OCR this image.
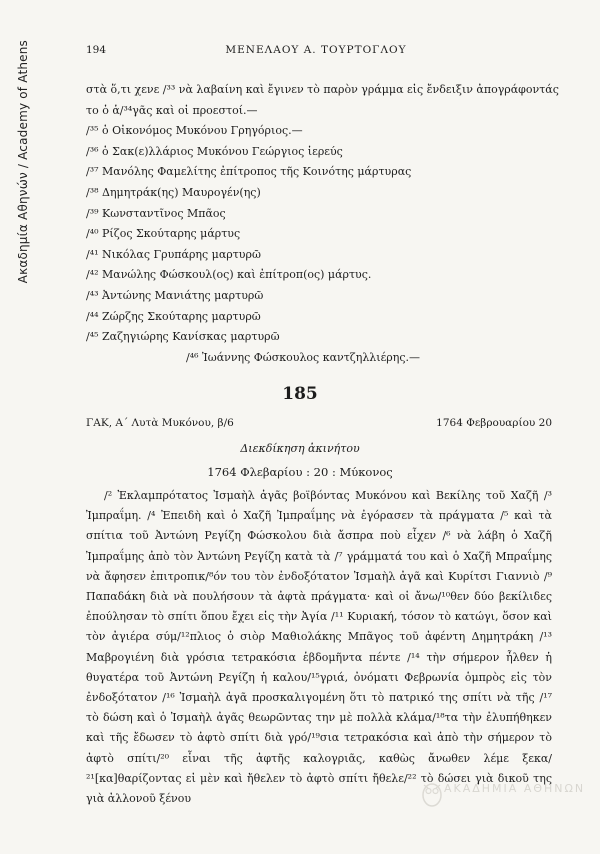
Ακαδημία Αθηνών / Academy of Athens	194	ΜΕΝΕΛΑΟΥ Α. ΤΟΥΡΤΟΓΛΟΥ
στὰ ὅ,τι χενε /³³ νὰ λαβαίνη καὶ ἔγινεν τὸ παρὸν γράμμα εἰς ἔνδειξιν ἀπογράφοντάς
το ὁ ἁ/³⁴γᾶς καὶ οἱ προεστοί.—
/³⁵ ὁ Οἰκονόμος Μυκόνου Γρηγόριος.—
/³⁶ ὁ Σακ(ε)λλάριος Μυκόνου Γεώργιος ἱερεύς
/³⁷ Μανόλης Φαμελίτης ἐπίτροπος τῆς Κοινότης μάρτυρας
/³⁸ Δημητράκ(ης) Μαυρογέν(ης)
/³⁹ Κωνσταντῖνος Μπᾶος
/⁴⁰ Ρίζος Σκούταρης μάρτυς
/⁴¹ Νικόλας Γρυπάρης μαρτυρῶ
/⁴² Μανώλης Φώσκουλ(ος) καὶ ἐπίτροπ(ος) μάρτυς.
/⁴³ Ἀντώνης Μανιάτης μαρτυρῶ
/⁴⁴ Ζώρζης Σκούταρης μαρτυρῶ
/⁴⁵ Ζαζηγιώρης Κανίσκας μαρτυρῶ
/⁴⁶ Ἰωάννης Φώσκουλος καντζηλλιέρης.—
185
ΓΑΚ, Α´ Λυτὰ Μυκόνου, β/6	1764 Φεβρουαρίου 20
Διεκδίκηση ἀκινήτου
1764 Φλεβαρίου : 20 : Μύκονος

/² Ἐκλαμπρότατος Ἰσμαὴλ ἀγᾶς βοϊβόντας Μυκόνου καὶ Βεκίλης τοῦ Χαζῆ /³ Ἰμπραΐμη. /⁴ Ἐπειδὴ καὶ ὁ Χαζῆ Ἰμπραΐμης νὰ ἐγόρασεν τὰ πράγματα /⁵ καὶ τὰ σπίτια τοῦ Ἀντώνη Ρεγίζη Φώσκολου διὰ ἄσπρα ποὺ εἶχεν /⁶ νὰ λάβη ὁ Χαζῆ Ἰμπραΐμης ἀπὸ τὸν Ἀντώνη Ρεγίζη κατὰ τὰ /⁷ γράμματά του καὶ ὁ Χαζῆ Μπραΐμης νὰ ἄφησεν ἐπιτροπικ/⁸όν του τὸν ἐνδοξότατον Ἰσμαὴλ ἀγᾶ καὶ Κυρίτσι Γιαννιὸ /⁹ Παπαδάκη διὰ νὰ πουλήσουν τὰ ἀφτὰ πράγματα· καὶ οἱ ἄνω/¹⁰θεν δύο βεκίλιδες ἐπούλησαν τὸ σπίτι ὅπου ἔχει εἰς τὴν Ἀγία /¹¹ Κυριακή, τόσον τὸ κατώγι, ὅσον καὶ τὸν ἀγιέρα σύμ/¹²πλιος ὁ σιὸρ Μαθιολάκης Μπᾶγος τοῦ ἀφέντη Δημητράκη /¹³ Μαβρογιένη διὰ γρόσια τετρακόσια ἑβδομῆντα πέντε /¹⁴ τὴν σήμερον ἦλθεν ἡ θυγατέρα τοῦ Ἀντώνη Ρεγίζη ἡ καλου/¹⁵γριά, ὀνόματι Φεβρωνία ὁμπρὸς εἰς τὸν ἐνδοξότατον /¹⁶ Ἰσμαὴλ ἀγᾶ προσκαλιγομένη ὅτι τὸ πατρικό της σπίτι νὰ τῆς /¹⁷ τὸ δώση καὶ ὁ Ἰσμαὴλ ἀγᾶς θεωρῶντας την μὲ πολλὰ κλάμα/¹⁸τα τὴν ἐλυπήθηκεν καὶ τῆς ἔδωσεν τὸ ἀφτὸ σπίτι διὰ γρό/¹⁹σια τετρακόσια καὶ ἀπὸ τὴν σήμερον τὸ ἀφτὸ σπίτι/²⁰ εἶναι τῆς ἀφτῆς καλογριᾶς, καθὼς ἄνωθεν λέμε ξεκα/²¹[κα]θαρίζοντας εἰ μὲν καὶ ἤθελεν τὸ ἀφτὸ σπίτι ἤθελε/²² τὸ δώσει γιὰ δικοῦ της γιὰ ἀλλονοῦ ξένου

ΑΚΑΔΗΜΙΑ ΑΘΗΝΩΝ
